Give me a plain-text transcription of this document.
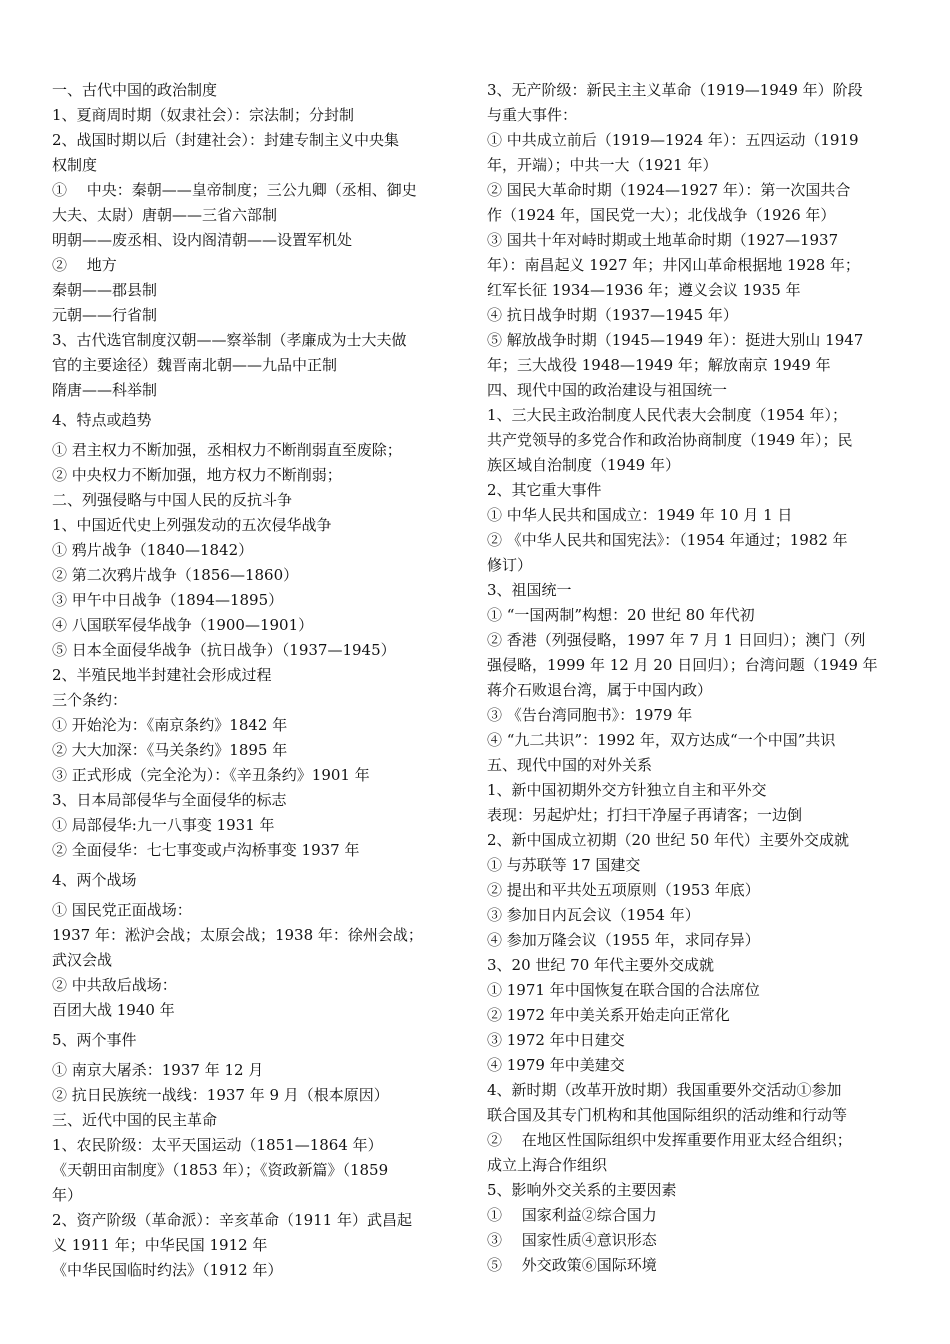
一、古代中国的政治制度
1、夏商周时期（奴隶社会）：宗法制；分封制
2、战国时期以后（封建社会）：封建专制主义中央集
权制度
①　 中央：秦朝——皇帝制度；三公九卿（丞相、御史
大夫、太尉）唐朝——三省六部制
明朝——废丞相、设内阁清朝——设置军机处
②　 地方
秦朝——郡县制
元朝——行省制
3、古代选官制度汉朝——察举制（孝廉成为士大夫做
官的主要途径）魏晋南北朝——九品中正制
隋唐——科举制
4、特点或趋势
① 君主权力不断加强，丞相权力不断削弱直至废除；
② 中央权力不断加强，地方权力不断削弱；
二、列强侵略与中国人民的反抗斗争
1、中国近代史上列强发动的五次侵华战争
① 鸦片战争（1840—1842）
② 第二次鸦片战争（1856—1860）
③ 甲午中日战争（1894—1895）
④ 八国联军侵华战争（1900—1901）
⑤ 日本全面侵华战争（抗日战争）（1937—1945）
2、半殖民地半封建社会形成过程
三个条约：
① 开始沦为：《南京条约》1842 年
② 大大加深：《马关条约》1895 年
③ 正式形成（完全沦为）：《辛丑条约》1901 年
3、日本局部侵华与全面侵华的标志
① 局部侵华:九一八事变 1931 年
② 全面侵华：七七事变或卢沟桥事变 1937 年
4、两个战场
① 国民党正面战场：
1937 年：淞沪会战；太原会战；1938 年：徐州会战；
武汉会战
② 中共敌后战场：
百团大战 1940 年
5、两个事件
① 南京大屠杀：1937 年 12 月
② 抗日民族统一战线：1937 年 9 月（根本原因）
三、近代中国的民主革命
1、农民阶级：太平天国运动（1851—1864 年）
《天朝田亩制度》（1853 年）；《资政新篇》（1859
年）
2、资产阶级（革命派）：辛亥革命（1911 年）武昌起
义 1911 年；中华民国 1912 年
《中华民国临时约法》（1912 年）
3、无产阶级：新民主主义革命（1919—1949 年）阶段
与重大事件：
① 中共成立前后（1919—1924 年）：五四运动（1919
年，开端）；中共一大（1921 年）
② 国民大革命时期（1924—1927 年）：第一次国共合
作（1924 年，国民党一大）；北伐战争（1926 年）
③ 国共十年对峙时期或土地革命时期（1927—1937
年）：南昌起义 1927 年；井冈山革命根据地 1928 年；
红军长征 1934—1936 年；遵义会议 1935 年
④ 抗日战争时期（1937—1945 年）
⑤ 解放战争时期（1945—1949 年）：挺进大别山 1947
年；三大战役 1948—1949 年；解放南京 1949 年
四、现代中国的政治建设与祖国统一
1、三大民主政治制度人民代表大会制度（1954 年）；
共产党领导的多党合作和政治协商制度（1949 年）；民
族区域自治制度（1949 年）
2、其它重大事件
① 中华人民共和国成立：1949 年 10 月 1 日
② 《中华人民共和国宪法》：（1954 年通过；1982 年
修订）
3、祖国统一
① “一国两制”构想：20 世纪 80 年代初
② 香港（列强侵略，1997 年 7 月 1 日回归）；澳门（列
强侵略，1999 年 12 月 20 日回归）；台湾问题（1949 年
蒋介石败退台湾，属于中国内政）
③ 《告台湾同胞书》：1979 年
④ “九二共识”：1992 年，双方达成“一个中国”共识
五、现代中国的对外关系
1、新中国初期外交方针独立自主和平外交
表现：另起炉灶；打扫干净屋子再请客；一边倒
2、新中国成立初期（20 世纪 50 年代）主要外交成就
① 与苏联等 17 国建交
② 提出和平共处五项原则（1953 年底）
③ 参加日内瓦会议（1954 年）
④ 参加万隆会议（1955 年，求同存异）
3、20 世纪 70 年代主要外交成就
① 1971 年中国恢复在联合国的合法席位
② 1972 年中美关系开始走向正常化
③ 1972 年中日建交
④ 1979 年中美建交
4、新时期（改革开放时期）我国重要外交活动①参加
联合国及其专门机构和其他国际组织的活动维和行动等
②　 在地区性国际组织中发挥重要作用亚太经合组织；
成立上海合作组织
5、影响外交关系的主要因素
①　 国家利益②综合国力
③　 国家性质④意识形态
⑤　 外交政策⑥国际环境
